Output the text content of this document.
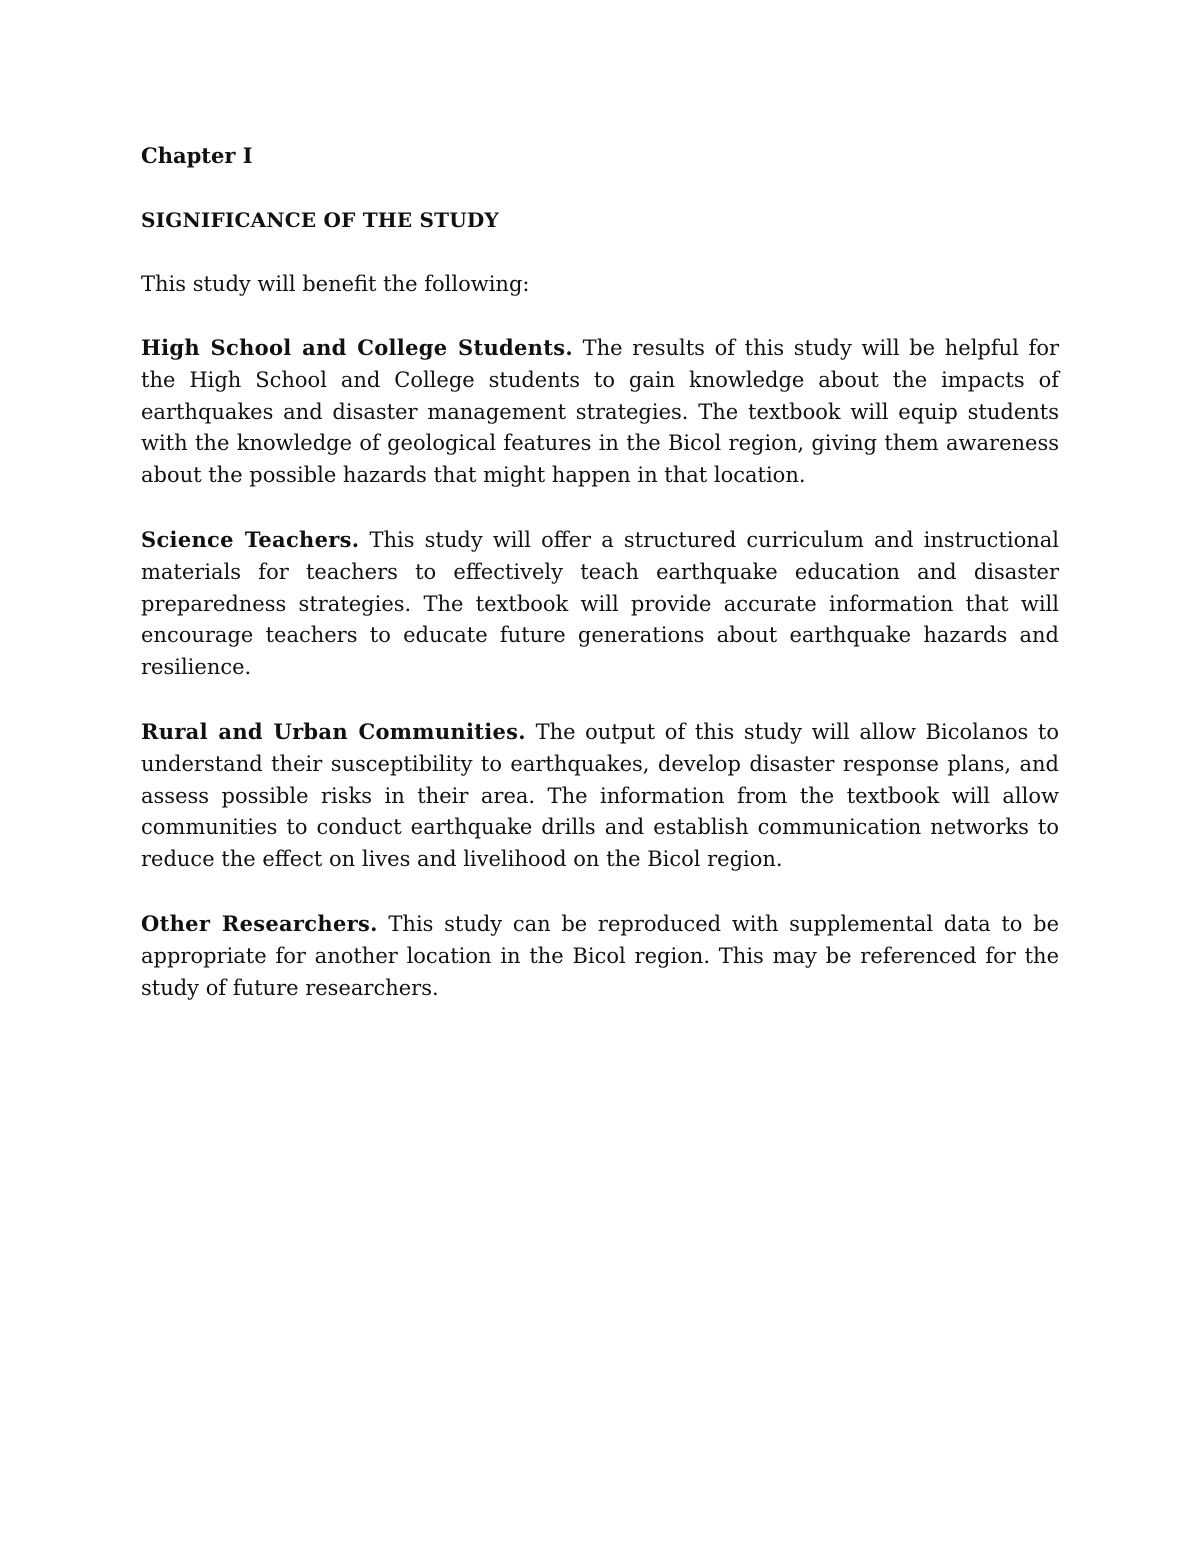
Chapter I

SIGNIFICANCE OF THE STUDY

This study will benefit the following:

High School and College Students. The results of this study will be helpful for the High School and College students to gain knowledge about the impacts of earthquakes and disaster management strategies. The textbook will equip students with the knowledge of geological features in the Bicol region, giving them awareness about the possible hazards that might happen in that location.

Science Teachers. This study will offer a structured curriculum and instructional materials for teachers to effectively teach earthquake education and disaster preparedness strategies. The textbook will provide accurate information that will encourage teachers to educate future generations about earthquake hazards and resilience.

Rural and Urban Communities. The output of this study will allow Bicolanos to understand their susceptibility to earthquakes, develop disaster response plans, and assess possible risks in their area. The information from the textbook will allow communities to conduct earthquake drills and establish communication networks to reduce the effect on lives and livelihood on the Bicol region.

Other Researchers. This study can be reproduced with supplemental data to be appropriate for another location in the Bicol region. This may be referenced for the study of future researchers.
